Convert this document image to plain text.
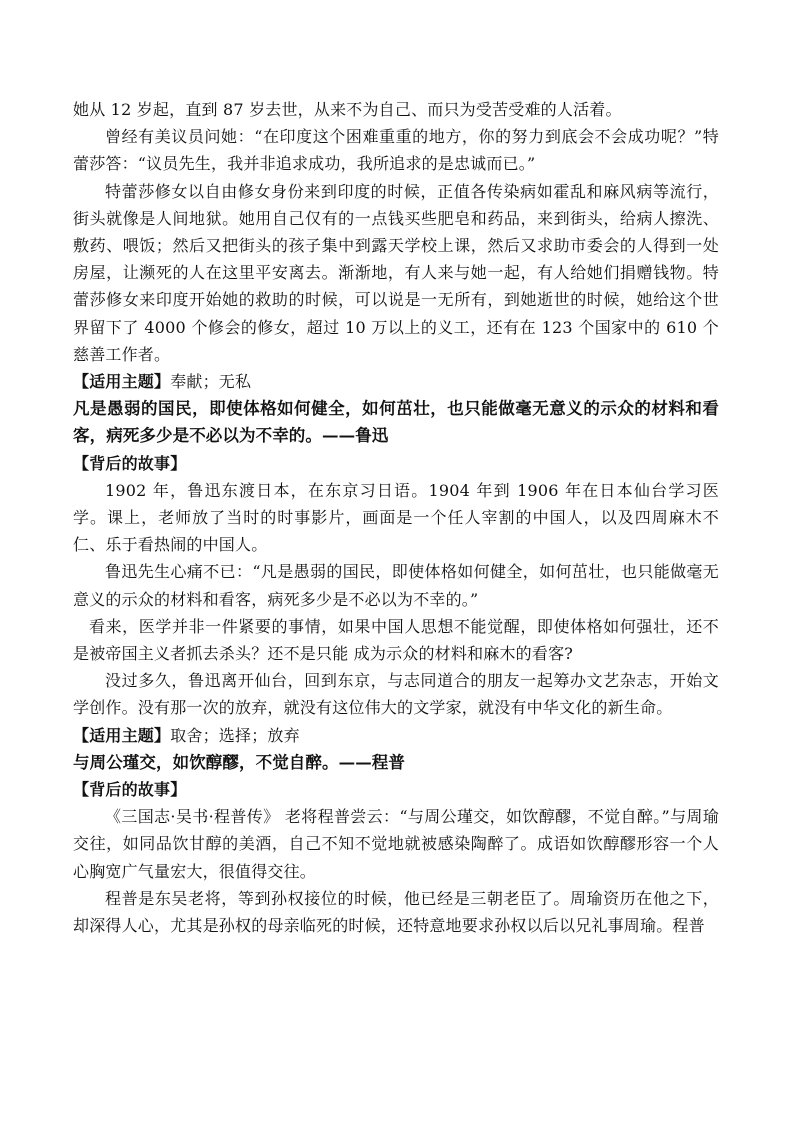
她从 12 岁起，直到 87 岁去世，从来不为自己、而只为受苦受难的人活着。

曾经有美议员问她：“在印度这个困难重重的地方，你的努力到底会不会成功呢？”特蕾莎答：“议员先生，我并非追求成功，我所追求的是忠诚而已。”

特蕾莎修女以自由修女身份来到印度的时候，正值各传染病如霍乱和麻风病等流行，街头就像是人间地狱。她用自己仅有的一点钱买些肥皂和药品，来到街头，给病人擦洗、敷药、喂饭；然后又把街头的孩子集中到露天学校上课，然后又求助市委会的人得到一处房屋，让濒死的人在这里平安离去。渐渐地，有人来与她一起，有人给她们捐赠钱物。特蕾莎修女来印度开始她的救助的时候，可以说是一无所有，到她逝世的时候，她给这个世界留下了 4000 个修会的修女，超过 10 万以上的义工，还有在 123 个国家中的 610 个慈善工作者。

【适用主题】奉献；无私

凡是愚弱的国民，即使体格如何健全，如何茁壮，也只能做毫无意义的示众的材料和看客，病死多少是不必以为不幸的。——鲁迅

【背后的故事】

1902 年，鲁迅东渡日本，在东京习日语。1904 年到 1906 年在日本仙台学习医学。课上，老师放了当时的时事影片，画面是一个任人宰割的中国人，以及四周麻木不仁、乐于看热闹的中国人。

鲁迅先生心痛不已：“凡是愚弱的国民，即使体格如何健全，如何茁壮，也只能做毫无意义的示众的材料和看客，病死多少是不必以为不幸的。”

看来，医学并非一件紧要的事情，如果中国人思想不能觉醒，即使体格如何强壮，还不是被帝国主义者抓去杀头？还不是只能 成为示众的材料和麻木的看客?

没过多久，鲁迅离开仙台，回到东京，与志同道合的朋友一起筹办文艺杂志，开始文学创作。没有那一次的放弃，就没有这位伟大的文学家，就没有中华文化的新生命。

【适用主题】取舍；选择；放弃

与周公瑾交，如饮醇醪，不觉自醉。——程普

【背后的故事】

《三国志·吴书·程普传》 老将程普尝云：“与周公瑾交，如饮醇醪，不觉自醉。”与周瑜交往，如同品饮甘醇的美酒，自己不知不觉地就被感染陶醉了。成语如饮醇醪形容一个人心胸宽广气量宏大，很值得交往。

程普是东吴老将，等到孙权接位的时候，他已经是三朝老臣了。周瑜资历在他之下，却深得人心，尤其是孙权的母亲临死的时候，还特意地要求孙权以后以兄礼事周瑜。程普
